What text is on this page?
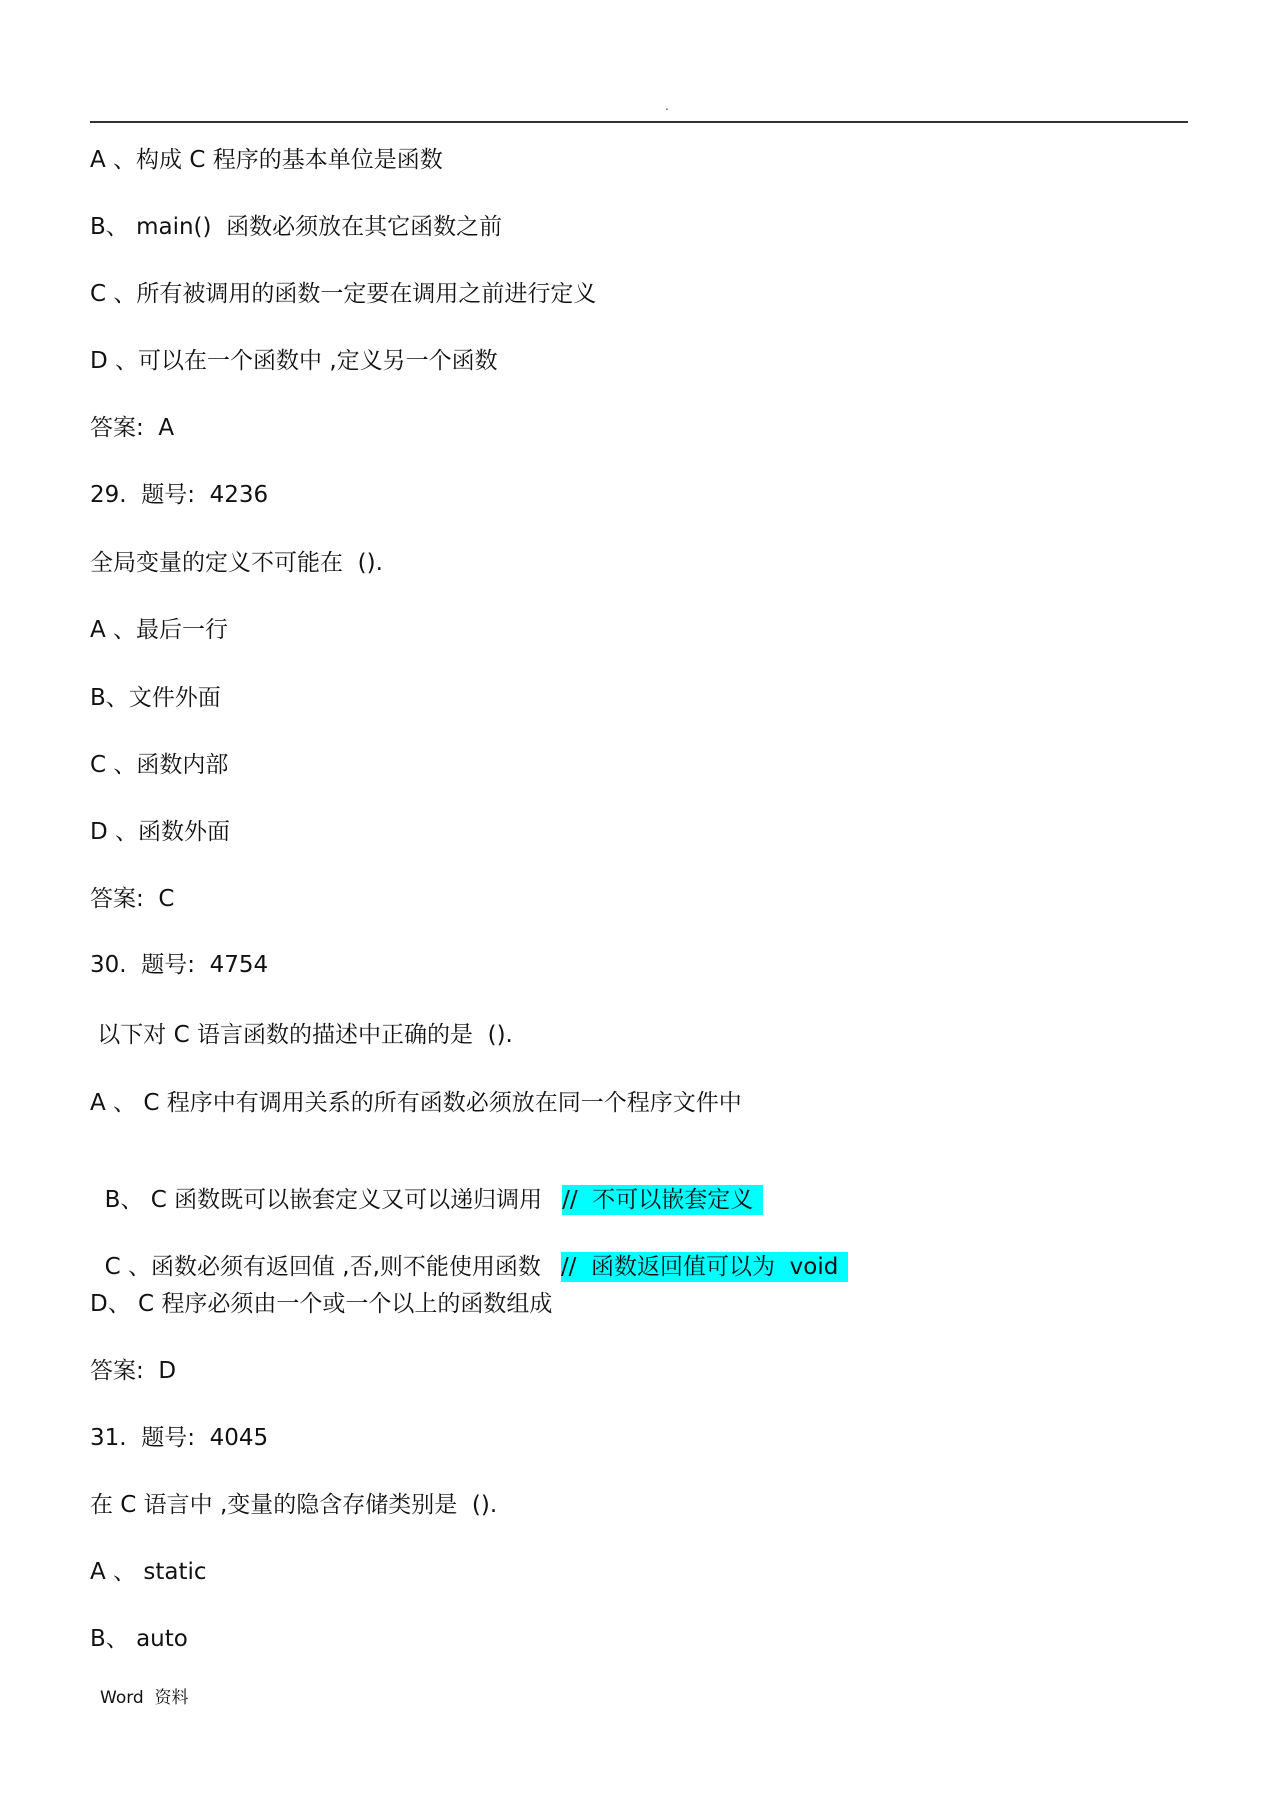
.
A 、构成 C 程序的基本单位是函数
B、 main()  函数必须放在其它函数之前
C 、所有被调用的函数一定要在调用之前进行定义
D 、可以在一个函数中 ,定义另一个函数
答案:  A
29.  题号:  4236
全局变量的定义不可能在  ().
A 、最后一行
B、文件外面
C 、函数内部
D 、函数外面
答案:  C
30.  题号:  4754
以下对 C 语言函数的描述中正确的是  ().
A 、 C 程序中有调用关系的所有函数必须放在同一个程序文件中

B、 C 函数既可以嵌套定义又可以递归调用 //  不可以嵌套定义

C 、函数必须有返回值 ,否,则不能使用函数 //  函数返回值可以为  void

D、 C 程序必须由一个或一个以上的函数组成
答案:  D
31.  题号:  4045
在 C 语言中 ,变量的隐含存储类别是  ().
A 、 static
B、 auto
Word  资料
